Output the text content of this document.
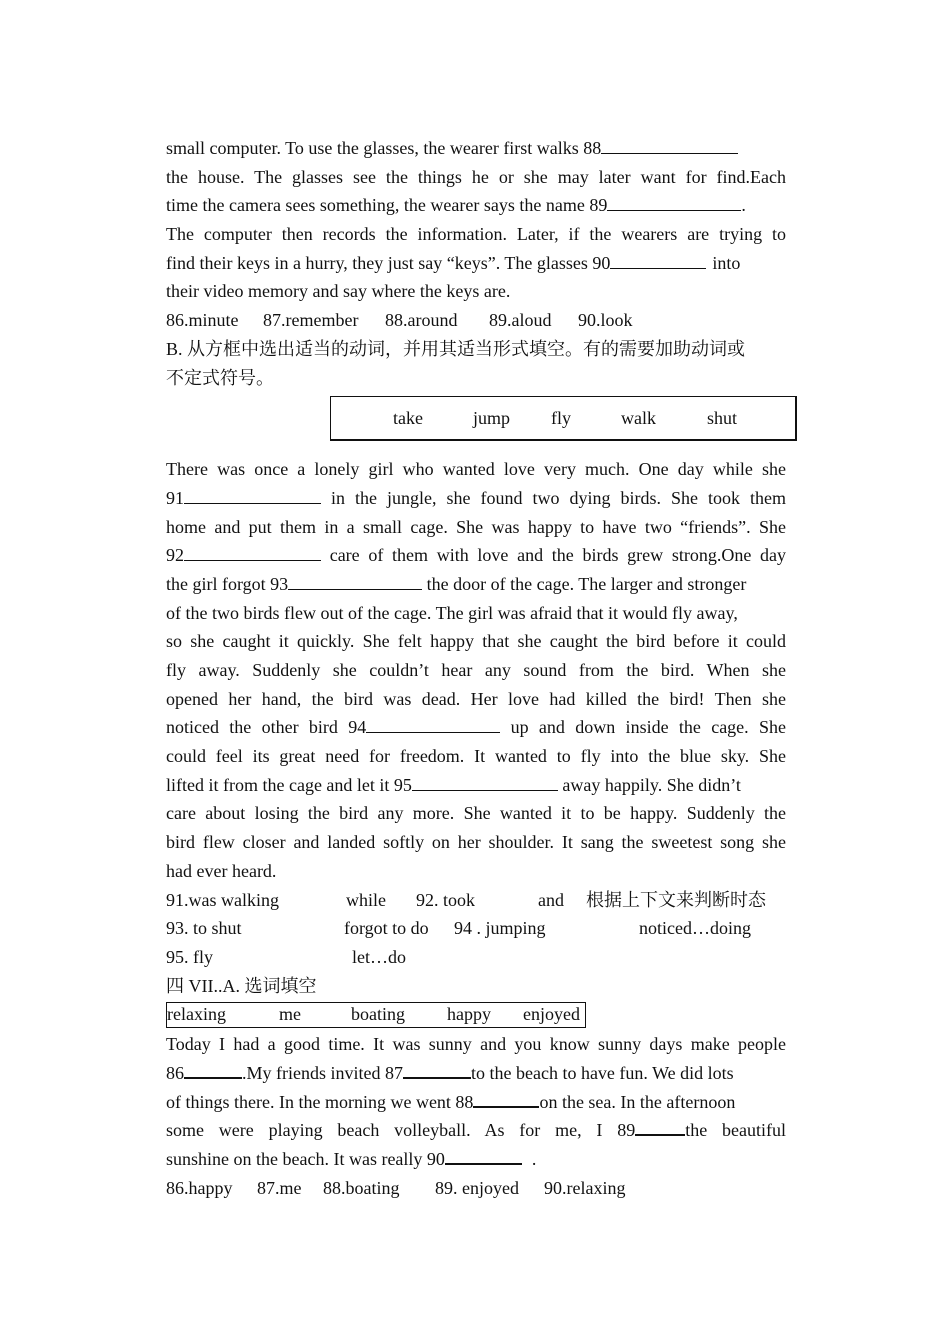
small computer. To use the glasses, the wearer first walks 88
the house. The glasses see the things he or she may later want for find.Each
time the camera sees something, the wearer says the name 89	.
The computer then records the information. Later, if the wearers are trying to
find their keys in a hurry, they just say “keys”. The glasses 90	into
their video memory and say where the keys are.
86.minute 87.remember 88.around 89.aloud 90.look
B. 从方框中选出适当的动词，并用其适当形式填空。有的需要加助动词或
不定式符号。
take	jump fly	walk	shut
There was once a lonely girl who wanted love very much. One day while she
91	in the jungle, she found two dying birds. She took them
home and put them in a small cage. She was happy to have two “friends”. She
92	care of them with love and the birds grew strong.One day
the girl forgot 93	the door of the cage. The larger and stronger
of the two birds flew out of the cage. The girl was afraid that it would fly away,
so she caught it quickly. She felt happy that she caught the bird before it could
fly away. Suddenly she couldn’t hear any sound from the bird. When she
opened her hand, the bird was dead. Her love had killed the bird! Then she
noticed the other bird 94	up and down inside the cage. She
could feel its great need for freedom. It wanted to fly into the blue sky. She
lifted it from the cage and let it 95	away happily. She didn’t
care about losing the bird any more. She wanted it to be happy. Suddenly the
bird flew closer and landed softly on her shoulder. It sang the sweetest song she
had ever heard.
91.was walking	while 92. took	and 根据上下文来判断时态
93. to shut	forgot to do 94 . jumping	noticed…doing
95. fly	let…do
四 VII..A. 选词填空
relaxing	me	boating happy enjoyed
Today I had a good time. It was sunny and you know sunny days make people
86	.My friends invited 87	to the beach to have fun. We did lots
of things there. In the morning we went 88	on the sea. In the afternoon
some were playing beach volleyball. As for me, I 89	the beautiful
sunshine on the beach. It was really 90	.
86.happy 87.me 88.boating 89. enjoyed 90.relaxing
